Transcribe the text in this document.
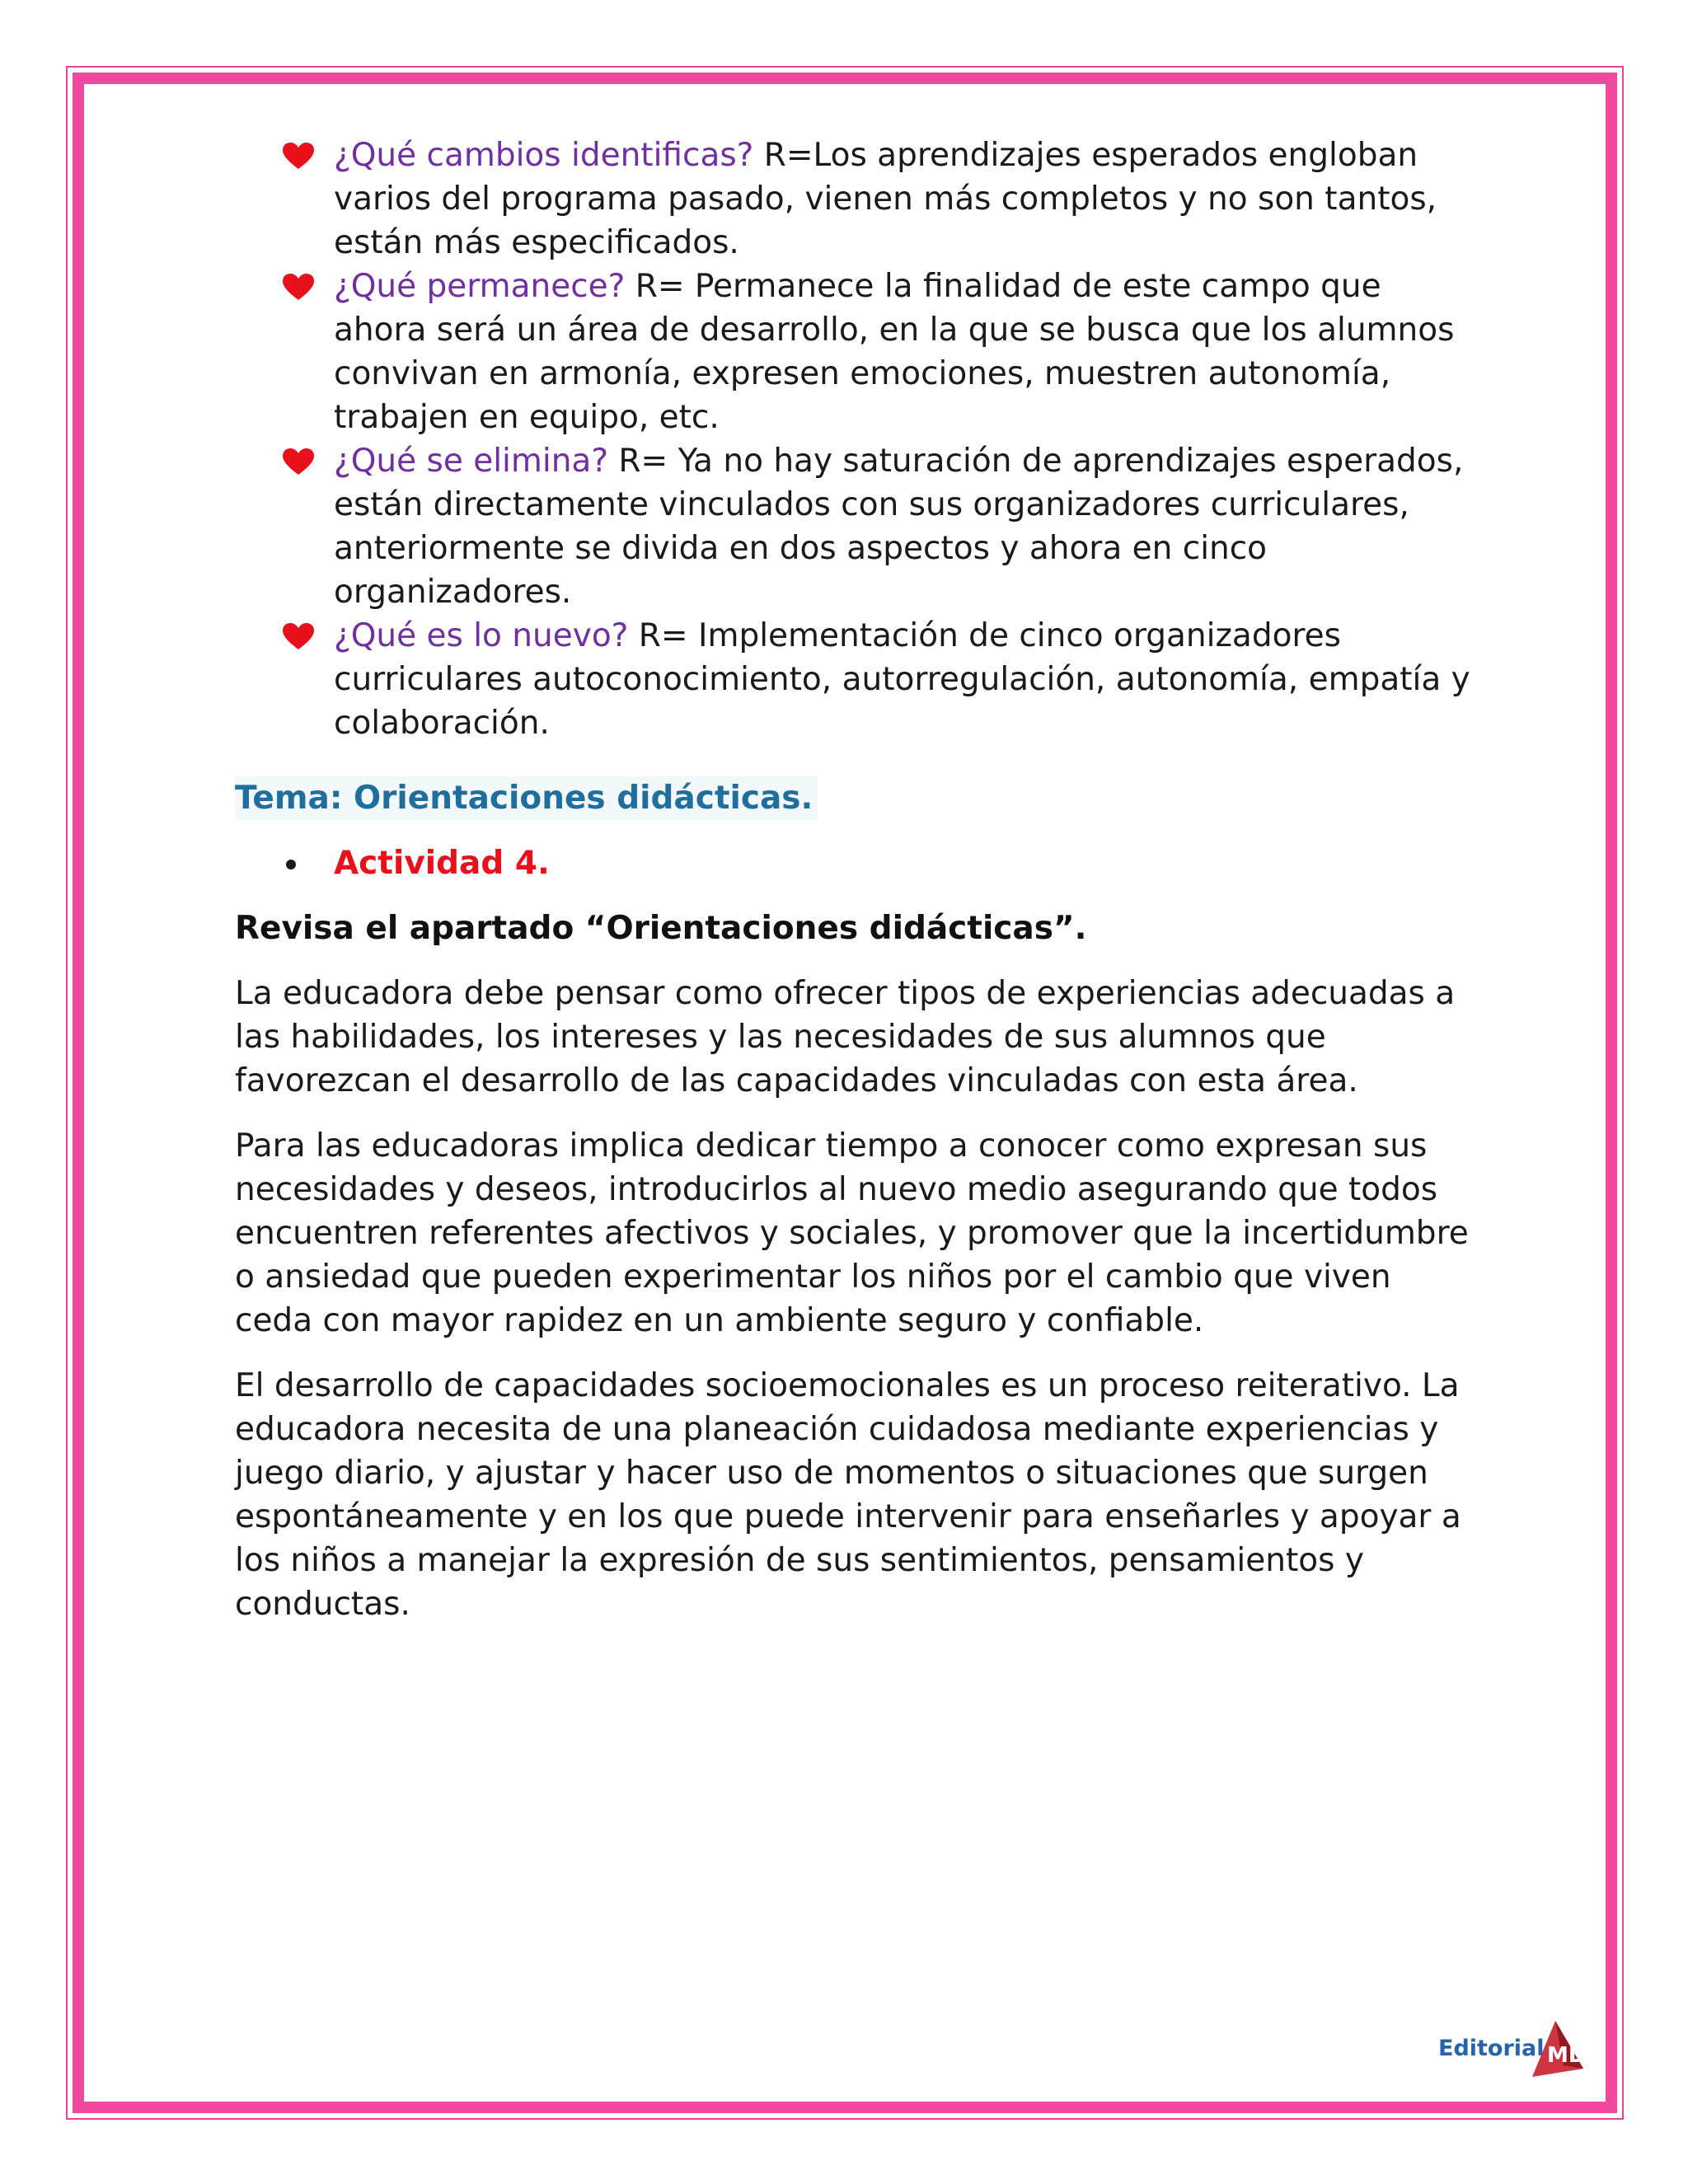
¿Qué cambios identificas? R=Los aprendizajes esperados engloban varios del programa pasado, vienen más completos y no son tantos, están más especificados.
¿Qué permanece? R= Permanece la finalidad de este campo que ahora será un área de desarrollo, en la que se busca que los alumnos convivan en armonía, expresen emociones, muestren autonomía, trabajen en equipo, etc.
¿Qué se elimina? R= Ya no hay saturación de aprendizajes esperados, están directamente vinculados con sus organizadores curriculares, anteriormente se divida en dos aspectos y ahora en cinco organizadores.
¿Qué es lo nuevo? R= Implementación de cinco organizadores curriculares autoconocimiento, autorregulación, autonomía, empatía y colaboración.
Tema: Orientaciones didácticas.
Actividad 4.
Revisa el apartado “Orientaciones didácticas”.

La educadora debe pensar como ofrecer tipos de experiencias adecuadas a las habilidades, los intereses y las necesidades de sus alumnos que favorezcan el desarrollo de las capacidades vinculadas con esta área.

Para las educadoras implica dedicar tiempo a conocer como expresan sus necesidades y deseos, introducirlos al nuevo medio asegurando que todos encuentren referentes afectivos y sociales, y promover que la incertidumbre o ansiedad que pueden experimentar los niños por el cambio que viven ceda con mayor rapidez en un ambiente seguro y confiable.

El desarrollo de capacidades socioemocionales es un proceso reiterativo. La educadora necesita de una planeación cuidadosa mediante experiencias y juego diario, y ajustar y hacer uso de momentos o situaciones que surgen espontáneamente y en los que puede intervenir para enseñarles y apoyar a los niños a manejar la expresión de sus sentimientos, pensamientos y conductas.

Editorial MD
